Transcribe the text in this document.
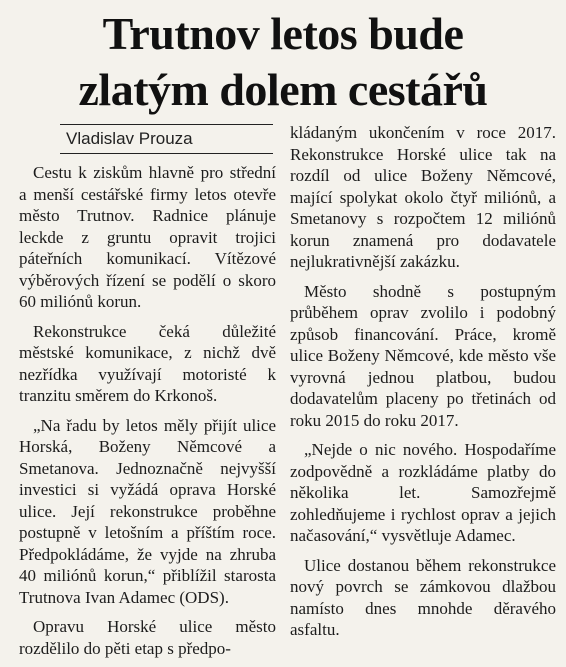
Trutnov letos bude
zlatým dolem cestářů
Vladislav Prouza

Cestu k ziskům hlavně pro střední a menší cestářské firmy letos otevře město Trutnov. Radnice plánuje leckde z gruntu opravit trojici páteřních komunikací. Vítězové výběrových řízení se podělí o skoro 60 miliónů korun.

Rekonstrukce čeká důležité městské komunikace, z nichž dvě nezřídka využívají motoristé k tranzitu směrem do Krkonoš.

„Na řadu by letos měly přijít ulice Horská, Boženy Němcové a Smetanova. Jednoznačně nejvyšší investici si vyžádá oprava Horské ulice. Její rekonstrukce proběhne postupně v letošním a příštím roce. Předpokládáme, že vyjde na zhruba 40 miliónů korun,“ přiblížil starosta Trutnova Ivan Adamec (ODS).

Opravu Horské ulice město rozdělilo do pěti etap s předpo-

kládaným ukončením v roce 2017. Rekonstrukce Horské ulice tak na rozdíl od ulice Boženy Němcové, mající spolykat okolo čtyř miliónů, a Smetanovy s rozpočtem 12 miliónů korun znamená pro dodavatele nejlukrativnější zakázku.

Město shodně s postupným průběhem oprav zvolilo i podobný způsob financování. Práce, kromě ulice Boženy Němcové, kde město vše vyrovná jednou platbou, budou dodavatelům placeny po třetinách od roku 2015 do roku 2017.

„Nejde o nic nového. Hospodaříme zodpovědně a rozkládáme platby do několika let. Samozřejmě zohledňujeme i rychlost oprav a jejich načasování,“ vysvětluje Adamec.

Ulice dostanou během rekonstrukce nový povrch se zámkovou dlažbou namísto dnes mnohde děravého asfaltu.
